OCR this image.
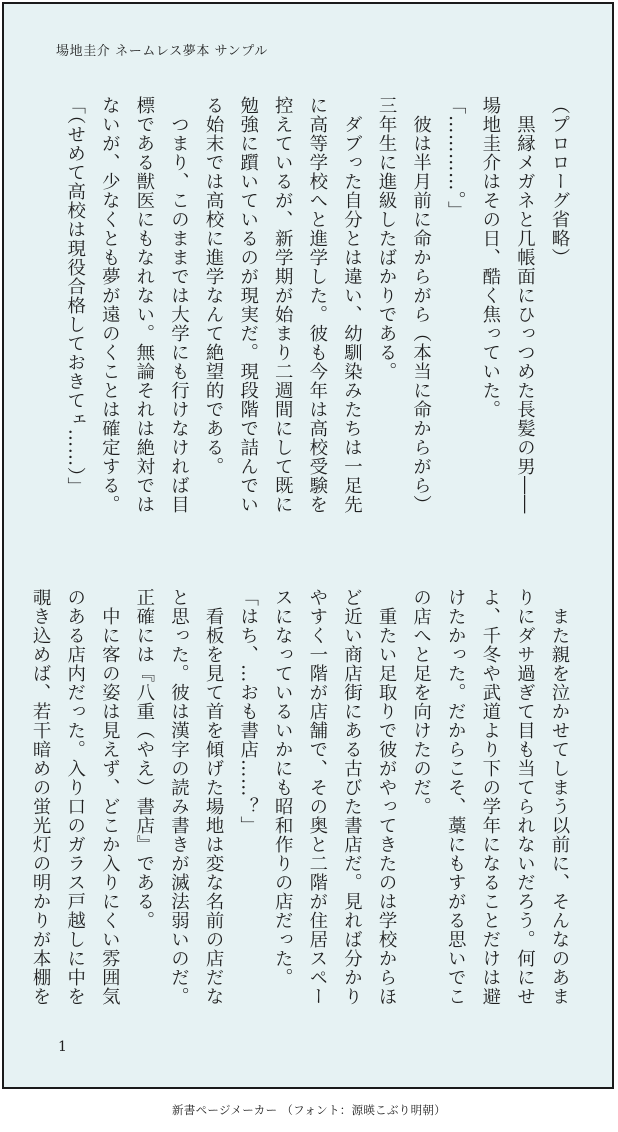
場地圭介 ネームレス夢本 サンプル
（プロローグ省略）
　黒縁メガネと几帳面にひっつめた長髪の男――
場地圭介はその日、酷く焦っていた。
「…………。」
　彼は半月前に命からがら（本当に命からがら）
三年生に進級したばかりである。
　ダブった自分とは違い、幼馴染みたちは一足先
に高等学校へと進学した。彼も今年は高校受験を
控えているが、新学期が始まり二週間にして既に
勉強に躓いているのが現実だ。現段階で詰んでい
る始末では高校に進学なんて絶望的である。
　つまり、このままでは大学にも行けなければ目
標である獣医にもなれない。無論それは絶対では
ないが、少なくとも夢が遠のくことは確定する。
「（せめて高校は現役合格しておきてェ……）」
　また親を泣かせてしまう以前に、そんなのあま
りにダサ過ぎて目も当てられないだろう。何にせ
よ、千冬や武道より下の学年になることだけは避
けたかった。だからこそ、藁にもすがる思いでこ
の店へと足を向けたのだ。
　重たい足取りで彼がやってきたのは学校からほ
ど近い商店街にある古びた書店だ。見れば分かり
やすく一階が店舗で、その奥と二階が住居スペー
スになっているいかにも昭和作りの店だった。
「はち、…おも書店……？」
　看板を見て首を傾げた場地は変な名前の店だな
と思った。彼は漢字の読み書きが滅法弱いのだ。
正確には『八重（やえ）書店』である。
　中に客の姿は見えず、どこか入りにくい雰囲気
のある店内だった。入り口のガラス戸越しに中を
覗き込めば、若干暗めの蛍光灯の明かりが本棚を
1
新書ページメーカー （フォント：源暎こぶり明朝）
